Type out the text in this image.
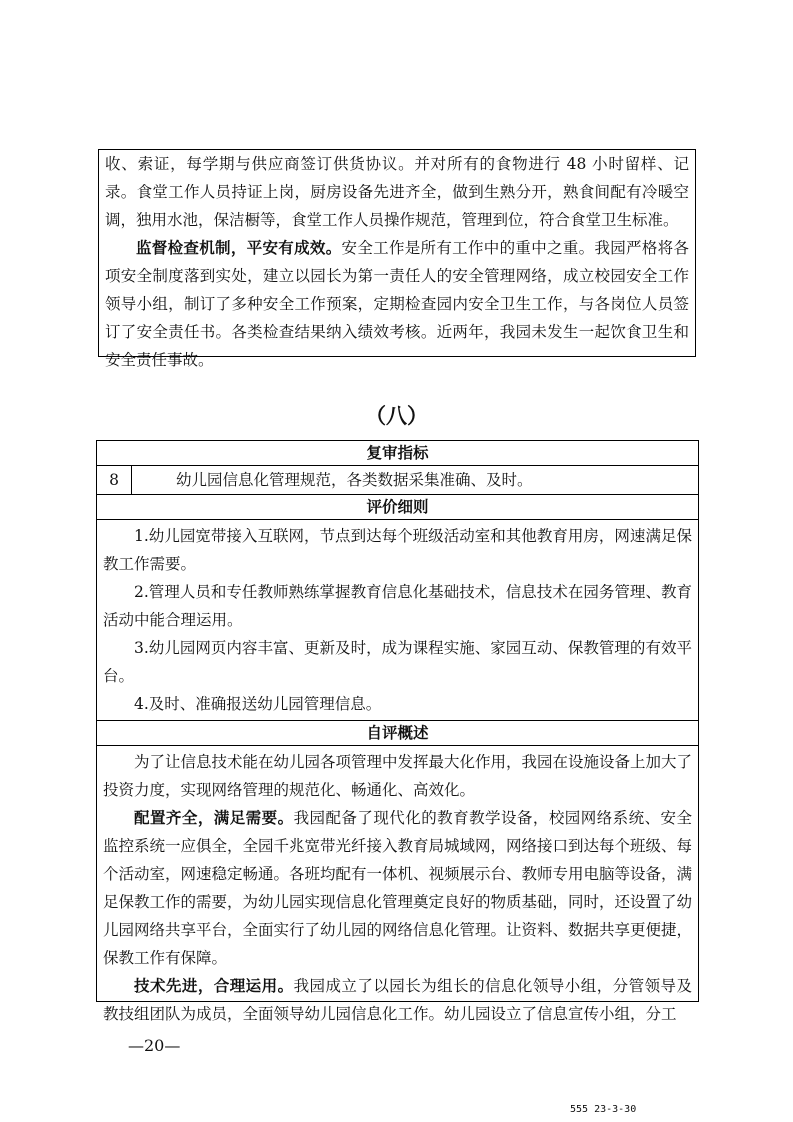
收、索证，每学期与供应商签订供货协议。并对所有的食物进行 48 小时留样、记录。食堂工作人员持证上岗，厨房设备先进齐全，做到生熟分开，熟食间配有冷暖空调，独用水池，保洁橱等，食堂工作人员操作规范，管理到位，符合食堂卫生标准。

监督检查机制，平安有成效。安全工作是所有工作中的重中之重。我园严格将各项安全制度落到实处，建立以园长为第一责任人的安全管理网络，成立校园安全工作领导小组，制订了多种安全工作预案，定期检查园内安全卫生工作，与各岗位人员签订了安全责任书。各类检查结果纳入绩效考核。近两年，我园未发生一起饮食卫生和安全责任事故。

（八）
复审指标
8	幼儿园信息化管理规范，各类数据采集准确、及时。
评价细则

1.幼儿园宽带接入互联网，节点到达每个班级活动室和其他教育用房，网速满足保教工作需要。

2.管理人员和专任教师熟练掌握教育信息化基础技术，信息技术在园务管理、教育活动中能合理运用。

3.幼儿园网页内容丰富、更新及时，成为课程实施、家园互动、保教管理的有效平台。

4.及时、准确报送幼儿园管理信息。

自评概述

为了让信息技术能在幼儿园各项管理中发挥最大化作用，我园在设施设备上加大了投资力度，实现网络管理的规范化、畅通化、高效化。

配置齐全，满足需要。我园配备了现代化的教育教学设备，校园网络系统、安全监控系统一应俱全，全园千兆宽带光纤接入教育局城域网，网络接口到达每个班级、每个活动室，网速稳定畅通。各班均配有一体机、视频展示台、教师专用电脑等设备，满足保教工作的需要，为幼儿园实现信息化管理奠定良好的物质基础，同时，还设置了幼儿园网络共享平台，全面实行了幼儿园的网络信息化管理。让资料、数据共享更便捷，保教工作有保障。

技术先进，合理运用。我园成立了以园长为组长的信息化领导小组，分管领导及教技组团队为成员，全面领导幼儿园信息化工作。幼儿园设立了信息宣传小组，分工

—20—
555 23-3-30
